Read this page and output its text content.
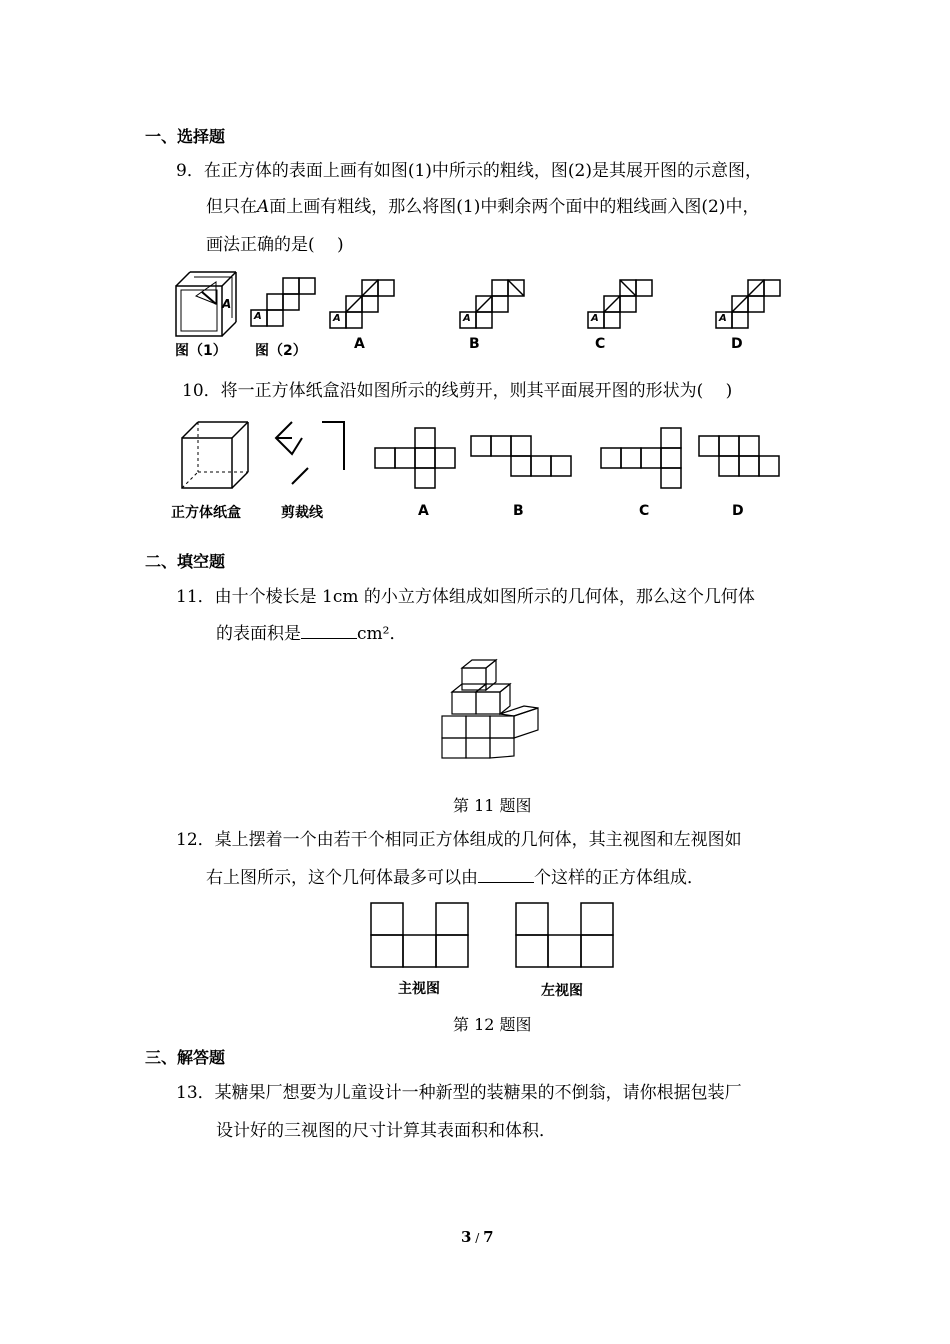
一、选择题
9．在正方体的表面上画有如图(1)中所示的粗线，图(2)是其展开图的示意图，
但只在A面上画有粗线，那么将图(1)中剩余两个面中的粗线画入图(2)中，
画法正确的是(　 )
A
A	A	A	A	A
图（1） 图（2）	A	B	C	D
10．将一正方体纸盒沿如图所示的线剪开，则其平面展开图的形状为(　 )
正方体纸盒	剪裁线	A	B	C	D
二、填空题
11．由十个棱长是 1cm 的小立方体组成如图所示的几何体，那么这个几何体
的表面积是	cm²．
第 11 题图
12．桌上摆着一个由若干个相同正方体组成的几何体，其主视图和左视图如
右上图所示，这个几何体最多可以由	个这样的正方体组成．
主视图	左视图
第 12 题图
三、解答题
13．某糖果厂想要为儿童设计一种新型的装糖果的不倒翁，请你根据包装厂
设计好的三视图的尺寸计算其表面积和体积．
3 / 7
